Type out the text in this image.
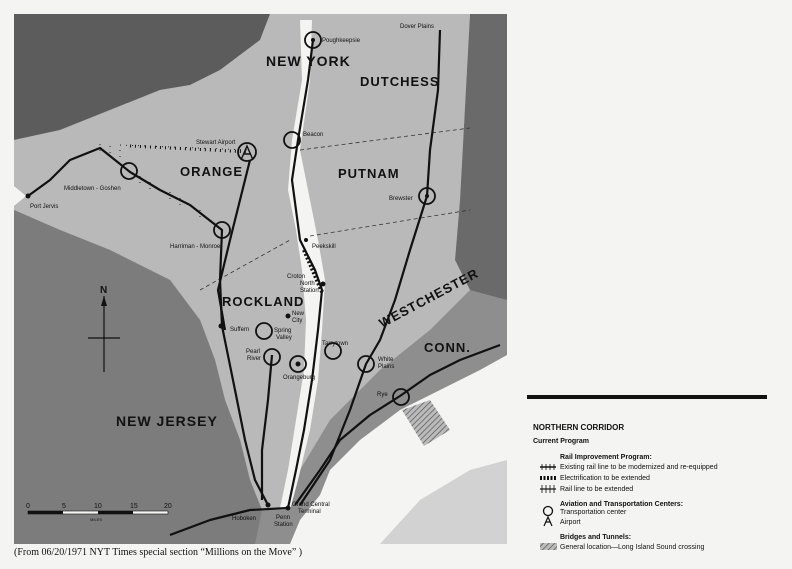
NEW YORK
DUTCHESS
ORANGE	PUTNAM
ROCKLAND	WESTCHESTER
CONN.
NEW JERSEY
Poughkeepsie
Dover Plains
Stewart Airport
Beacon
Middletown - Goshen
Port Jervis
Harriman - Monroe
Brewster
Peekskill
Croton
North
Station
New
City
Suffern	Spring
Valley
Pearl
River
Orangeburg
Tarrytown
White
Plains
Rye
Hoboken
Grand Central
Terminal
Penn
Station
N
0	5	10	15	20
MILES
NORTHERN CORRIDOR
Current Program
Rail Improvement Program:
Existing rail line to be modernized and re-equipped
Electrification to be extended
Rail line to be extended
Aviation and Transportation Centers:
Transportation center
Airport
Bridges and Tunnels:
General location—Long Island Sound crossing
(From 06/20/1971 NYT Times special section “Millions on the Move” )
